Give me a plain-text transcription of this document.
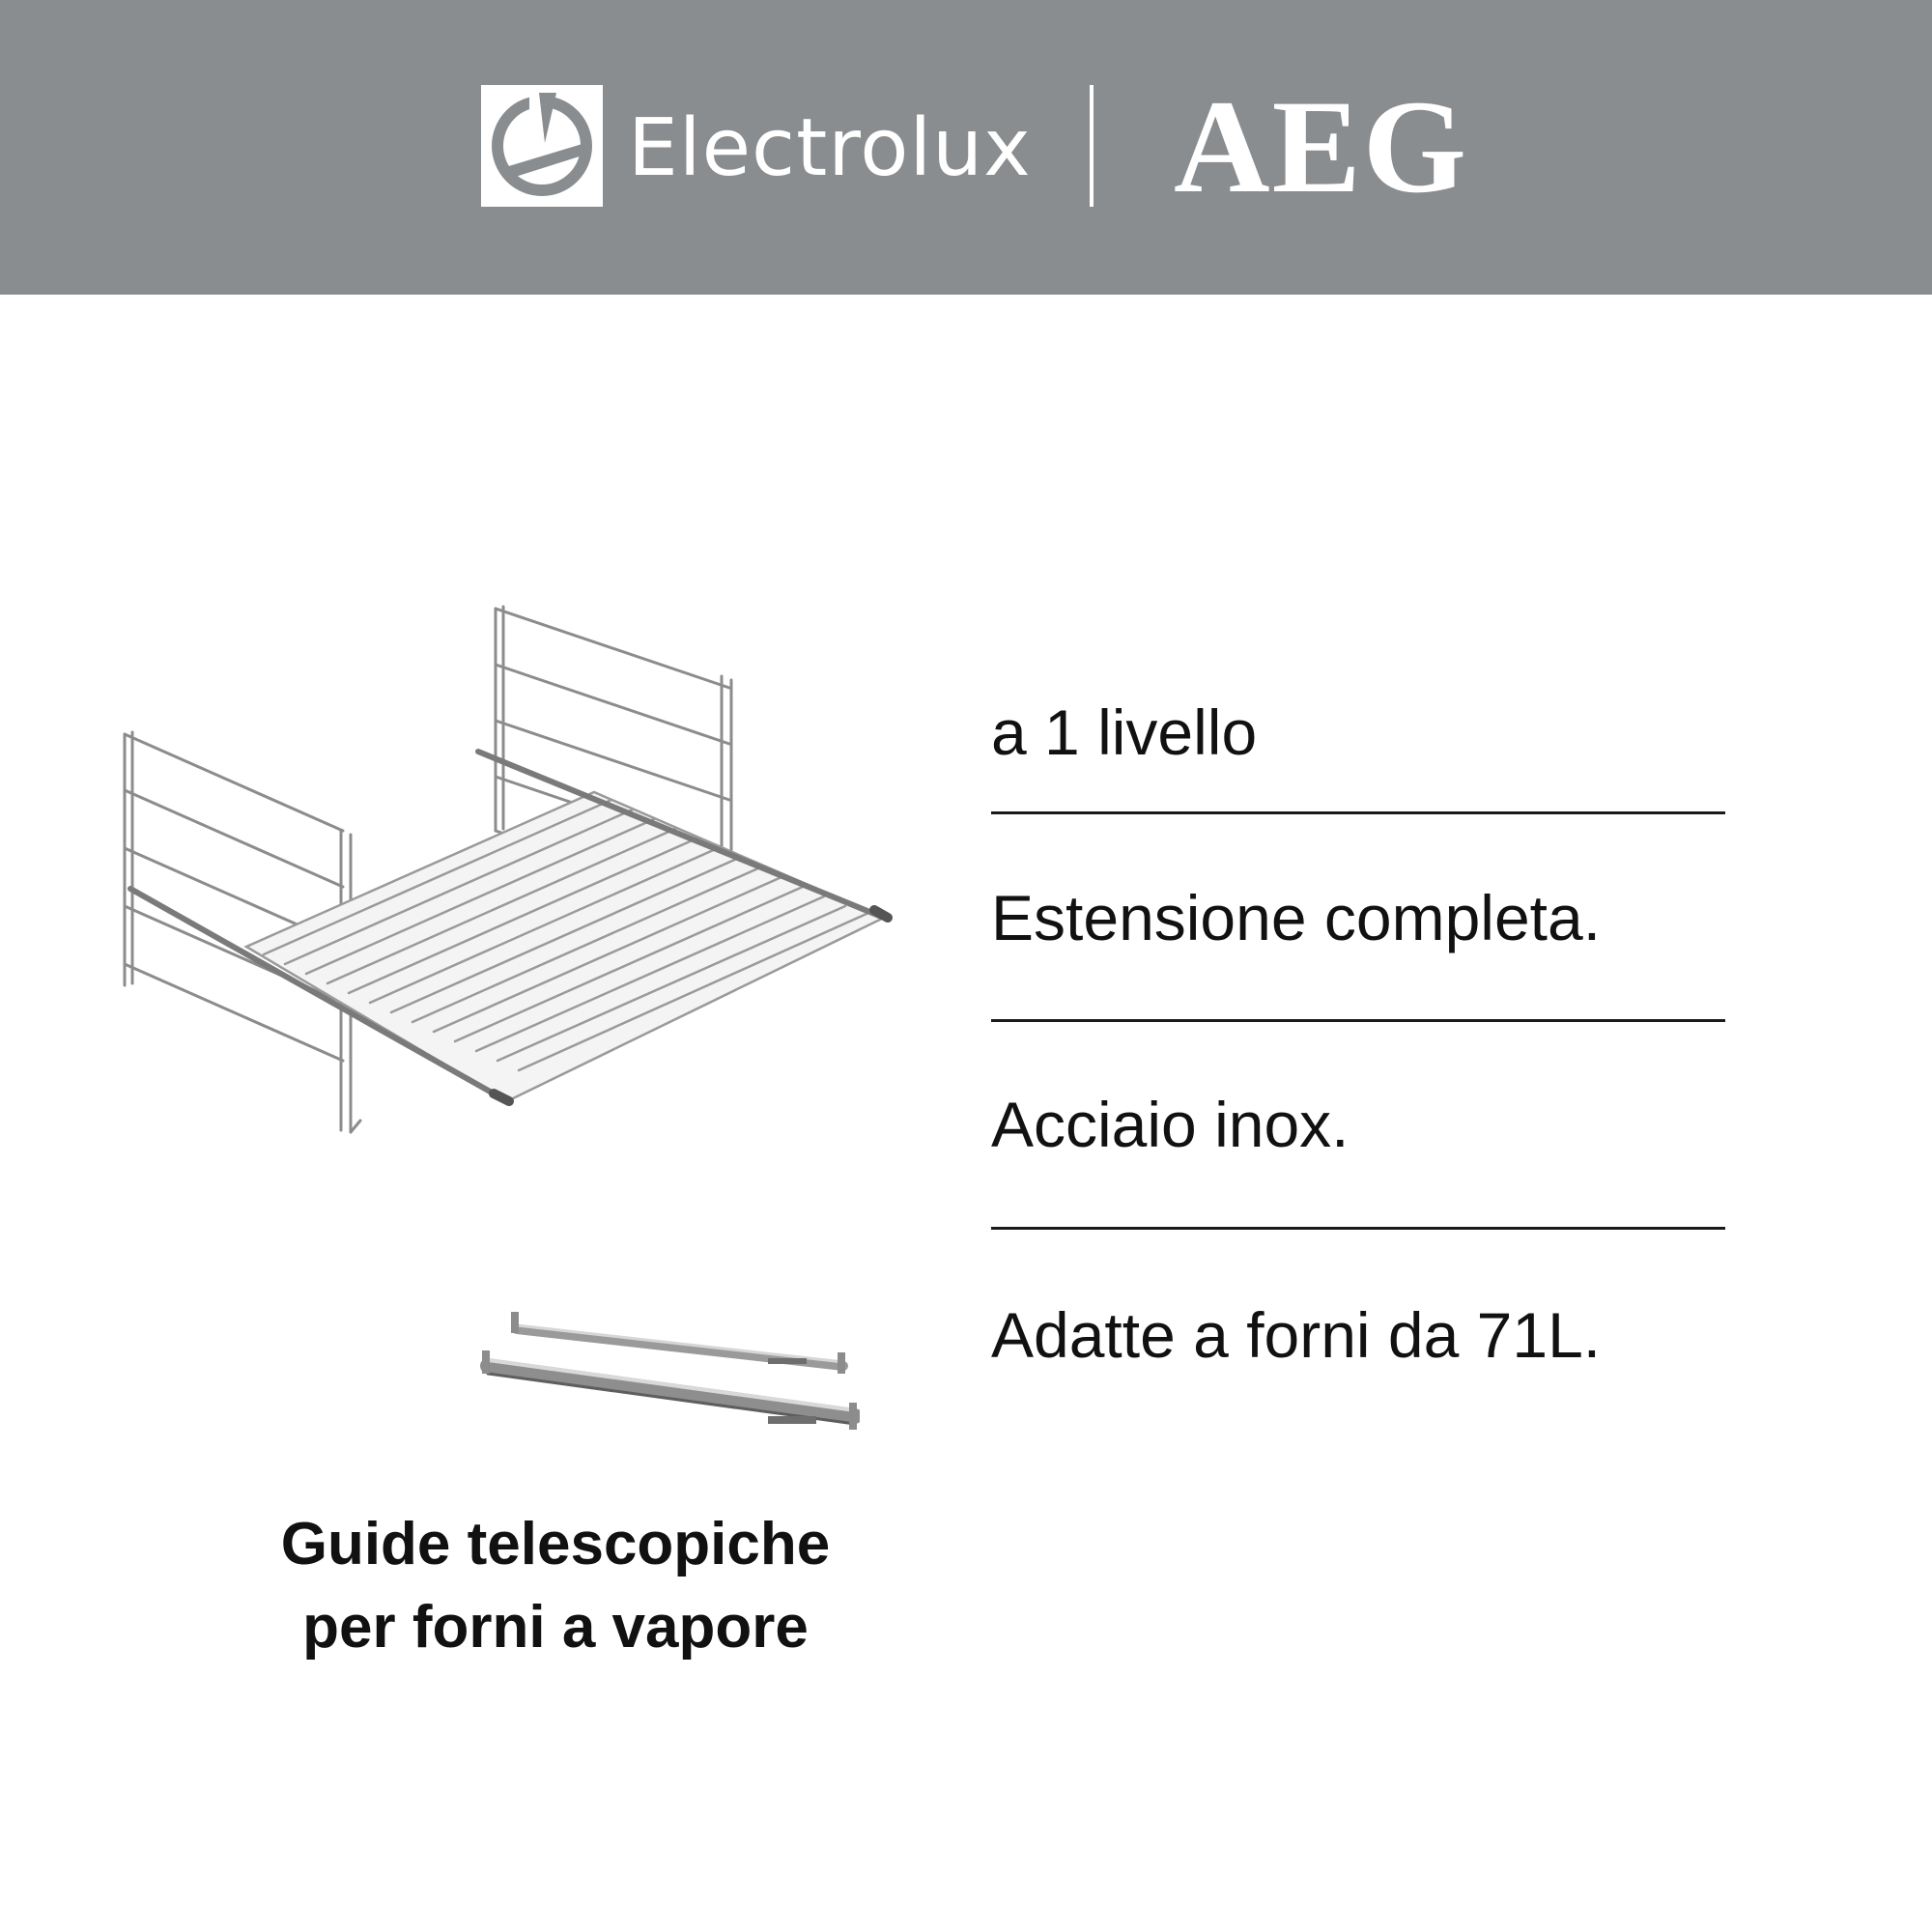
Electrolux AEG
Guide telescopiche
per forni a vapore
a 1 livello
Estensione completa.
Acciaio inox.
Adatte a forni da 71L.
